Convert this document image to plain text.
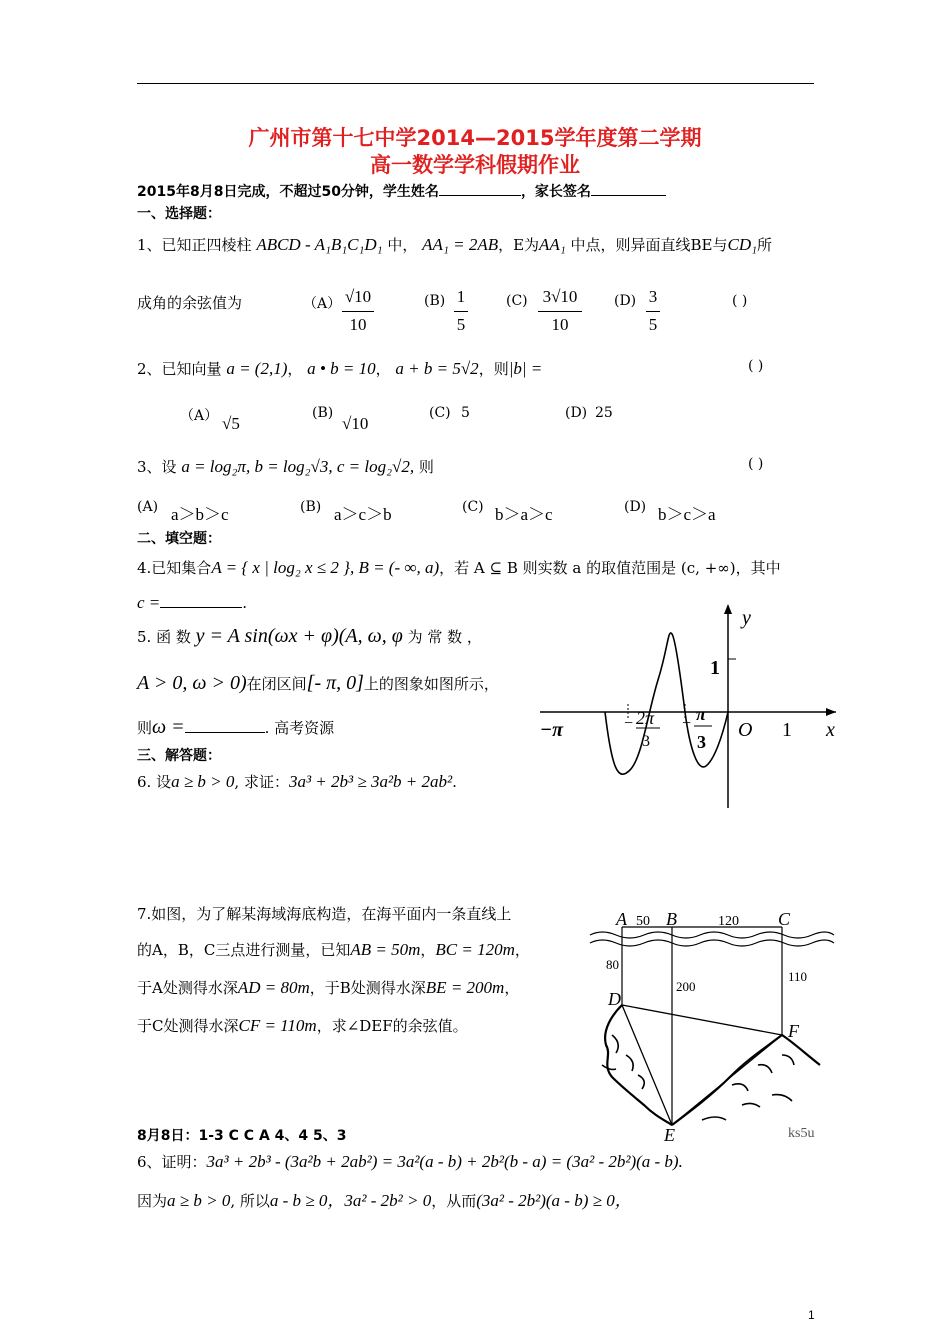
广州市第十七中学2014—2015学年度第二学期
高一数学学科假期作业
2015年8月8日完成，不超过50分钟，学生姓名	，家长签名
一、选择题：
1、已知正四棱柱 ABCD - A₁B₁C₁D₁ 中， AA₁ = 2AB，E为AA₁ 中点，则异面直线BE与CD₁所
成角的余弦值为	（A） √10
10
(B) 1
5
(C) 3√10
10
(D) 3
5
( )
2、已知向量 a = (2,1)， a • b = 10， a + b = 5√2，则|b| =	( )
（A） √5
(B)
√10
(C) 5	(D) 25
3、设 a = log₂π, b = log₂√3, c = log₂√2, 则	( )
(A) a＞b＞c	(B) a＞c＞b	(C) b＞a＞c	(D) b＞c＞a
二、填空题：
4.已知集合A = { x | log₂ x ≤ 2 }, B = (- ∞, a)，若 A ⊆ B 则实数 a 的取值范围是 (c, +∞)，其中
c =	.
5. 函 数 y = A sin(ωx + φ)(A, ω, φ 为 常 数 ，
A > 0, ω > 0)在闭区间[- π, 0]上的图象如图所示，
则ω =	. 高考资源
y
x
1
−π	− 2π
3
− π
3
O 1
三、解答题：
6. 设a ≥ b > 0, 求证：3a³ + 2b³ ≥ 3a²b + 2ab².
7.如图，为了解某海域海底构造，在海平面内一条直线上
的A，B，C三点进行测量，已知AB = 50m，BC = 120m，
于A处测得水深AD = 80m，于B处测得水深BE = 200m，
于C处测得水深CF = 110m，求∠DEF的余弦值。
A 50 B	120 C
80
200
110
D
F
E	ks5u
8月8日：1-3 C C A 4、4 5、3
6、证明：3a³ + 2b³ - (3a²b + 2ab²) = 3a²(a - b) + 2b²(b - a) = (3a² - 2b²)(a - b).
因为a ≥ b > 0, 所以a - b ≥ 0，3a² - 2b² > 0，从而(3a² - 2b²)(a - b) ≥ 0，
1
